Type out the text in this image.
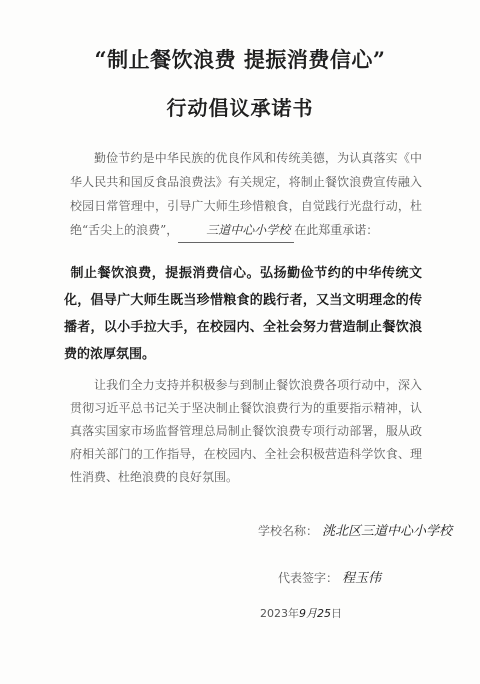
“制止餐饮浪费 提振消费信心”
行动倡议承诺书

勤俭节约是中华民族的优良作风和传统美德，为认真落实《中华人民共和国反食品浪费法》有关规定，将制止餐饮浪费宣传融入校园日常管理中，引导广大师生珍惜粮食，自觉践行光盘行动，杜绝“舌尖上的浪费”， 三道中心小学校 在此郑重承诺：

制止餐饮浪费，提振消费信心。弘扬勤俭节约的中华传统文化，倡导广大师生既当珍惜粮食的践行者，又当文明理念的传播者，以小手拉大手，在校园内、全社会努力营造制止餐饮浪费的浓厚氛围。

让我们全力支持并积极参与到制止餐饮浪费各项行动中，深入贯彻习近平总书记关于坚决制止餐饮浪费行为的重要指示精神，认真落实国家市场监督管理总局制止餐饮浪费专项行动部署，服从政府相关部门的工作指导，在校园内、全社会积极营造科学饮食、理性消费、杜绝浪费的良好氛围。

学校名称： 洮北区三道中心小学校
代表签字： 程玉伟
2023年9月25日
